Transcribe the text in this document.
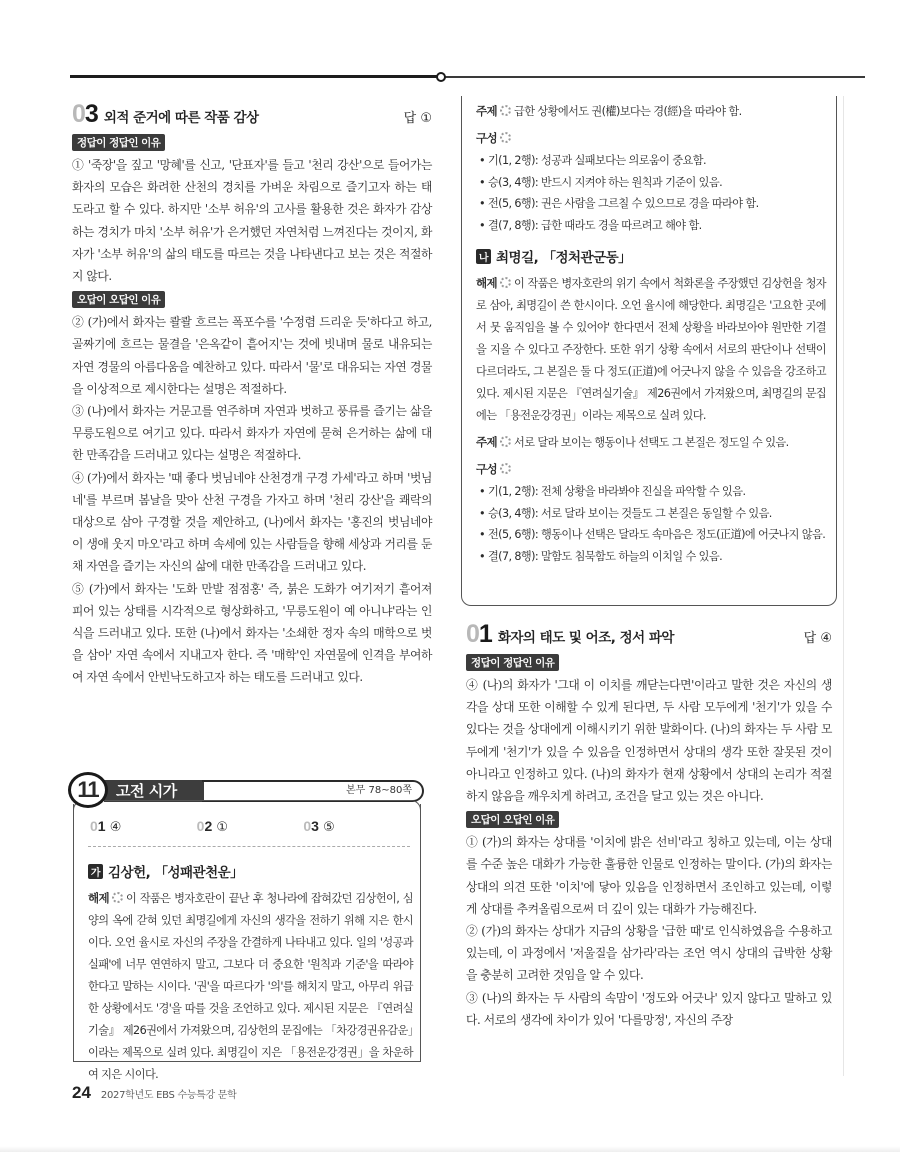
03 외적 준거에 따른 작품 감상	답 ①
정답이 정답인 이유

① '죽장'을 짚고 '망혜'를 신고, '단표자'를 들고 '천리 강산'으로 들어가는 화자의 모습은 화려한 산천의 경치를 가벼운 차림으로 즐기고자 하는 태도라고 할 수 있다. 하지만 '소부 허유'의 고사를 활용한 것은 화자가 감상하는 경치가 마치 '소부 허유'가 은거했던 자연처럼 느껴진다는 것이지, 화자가 '소부 허유'의 삶의 태도를 따르는 것을 나타낸다고 보는 것은 적절하지 않다.

오답이 오답인 이유

② (가)에서 화자는 콸콸 흐르는 폭포수를 '수정렴 드리운 듯'하다고 하고, 골짜기에 흐르는 물결을 '은옥같이 흩어지'는 것에 빗내며 물로 내유되는 자연 경물의 아름다움을 예찬하고 있다. 따라서 '물'로 대유되는 자연 경물을 이상적으로 제시한다는 설명은 적절하다.

③ (나)에서 화자는 거문고를 연주하며 자연과 벗하고 풍류를 즐기는 삶을 무릉도원으로 여기고 있다. 따라서 화자가 자연에 묻혀 은거하는 삶에 대한 만족감을 드러내고 있다는 설명은 적절하다.

④ (가)에서 화자는 '때 좋다 벗님네야 산천경개 구경 가세'라고 하며 '벗님네'를 부르며 봄날을 맞아 산천 구경을 가자고 하며 '천리 강산'을 쾌락의 대상으로 삼아 구경할 것을 제안하고, (나)에서 화자는 '홍진의 벗님네야 이 생애 웃지 마오'라고 하며 속세에 있는 사람들을 향해 세상과 거리를 둔 채 자연을 즐기는 자신의 삶에 대한 만족감을 드러내고 있다.

⑤ (가)에서 화자는 '도화 만발 점점홍' 즉, 붉은 도화가 여기저기 흩어져 피어 있는 상태를 시각적으로 형상화하고, '무릉도원이 예 아니냐'라는 인식을 드러내고 있다. 또한 (나)에서 화자는 '소쇄한 정자 속의 매학으로 벗을 삼아' 자연 속에서 지내고자 한다. 즉 '매학'인 자연물에 인격을 부여하여 자연 속에서 안빈낙도하고자 하는 태도를 드러내고 있다.

11	고전 시가	본무 78~80쪽
01 ④	02 ①	03 ⑤
가 김상헌, 「성패관천운」

해제 이 작품은 병자호란이 끝난 후 청나라에 잡혀갔던 김상헌이, 심양의 옥에 갇혀 있던 최명길에게 자신의 생각을 전하기 위해 지은 한시이다. 오언 율시로 자신의 주장을 간결하게 나타내고 있다. 일의 '성공과 실패'에 너무 연연하지 말고, 그보다 더 중요한 '원칙과 기준'을 따라야 한다고 말하는 시이다. '권'을 따르다가 '의'를 해치지 말고, 아무리 위급한 상황에서도 '경'을 따를 것을 조언하고 있다. 제시된 지문은 『연려실기술』 제26권에서 가져왔으며, 김상헌의 문집에는 「차강경권유감운」이라는 제목으로 실려 있다. 최명길이 지은 「용전운강경권」을 차운하여 지은 시이다.

주제 급한 상황에서도 권(權)보다는 경(經)을 따라야 함.

구성

• 기(1, 2행): 성공과 실패보다는 의로움이 중요함.
• 승(3, 4행): 반드시 지켜야 하는 원칙과 기준이 있음.
• 전(5, 6행): 권은 사람을 그르칠 수 있으므로 경을 따라야 함.
• 결(7, 8행): 급한 때라도 경을 따르려고 해야 함.
나 최명길, 「정처관군동」

해제 이 작품은 병자호란의 위기 속에서 척화론을 주장했던 김상헌을 청자로 삼아, 최명길이 쓴 한시이다. 오언 율시에 해당한다. 최명길은 '고요한 곳에서 뭇 움직임을 볼 수 있어야' 한다면서 전체 상황을 바라보아야 원만한 기결을 지을 수 있다고 주장한다. 또한 위기 상황 속에서 서로의 판단이나 선택이 다르더라도, 그 본질은 둘 다 정도(正道)에 어긋나지 않을 수 있음을 강조하고 있다. 제시된 지문은 『연려실기술』 제26권에서 가져왔으며, 최명길의 문집에는 「용전운강경권」이라는 제목으로 실려 있다.

주제 서로 달라 보이는 행동이나 선택도 그 본질은 정도일 수 있음.

구성

• 기(1, 2행): 전체 상황을 바라봐야 진실을 파악할 수 있음.
• 승(3, 4행): 서로 달라 보이는 것들도 그 본질은 동일할 수 있음.
• 전(5, 6행): 행동이나 선택은 달라도 속마음은 정도(正道)에 어긋나지 않음.
• 결(7, 8행): 말함도 침묵함도 하늘의 이치일 수 있음.
01 화자의 태도 및 어조, 정서 파악	답 ④
정답이 정답인 이유

④ (나)의 화자가 '그대 이 이치를 깨닫는다면'이라고 말한 것은 자신의 생각을 상대 또한 이해할 수 있게 된다면, 두 사람 모두에게 '천기'가 있을 수 있다는 것을 상대에게 이해시키기 위한 발화이다. (나)의 화자는 두 사람 모두에게 '천기'가 있을 수 있음을 인정하면서 상대의 생각 또한 잘못된 것이 아니라고 인정하고 있다. (나)의 화자가 현재 상황에서 상대의 논리가 적절하지 않음을 깨우치게 하려고, 조건을 달고 있는 것은 아니다.

오답이 오답인 이유

① (가)의 화자는 상대를 '이치에 밝은 선비'라고 칭하고 있는데, 이는 상대를 수준 높은 대화가 가능한 훌륭한 인물로 인정하는 말이다. (가)의 화자는 상대의 의견 또한 '이치'에 닿아 있음을 인정하면서 조인하고 있는데, 이렇게 상대를 추켜올림으로써 더 깊이 있는 대화가 가능해진다.

② (가)의 화자는 상대가 지금의 상황을 '급한 때'로 인식하였음을 수용하고 있는데, 이 과정에서 '저울질을 삼가라'라는 조언 역시 상대의 급박한 상황을 충분히 고려한 것임을 알 수 있다.

③ (나)의 화자는 두 사람의 속맘이 '정도와 어긋나' 있지 않다고 말하고 있다. 서로의 생각에 차이가 있어 '다를망정', 자신의 주장

24 2027학년도 EBS 수능특강 문학
